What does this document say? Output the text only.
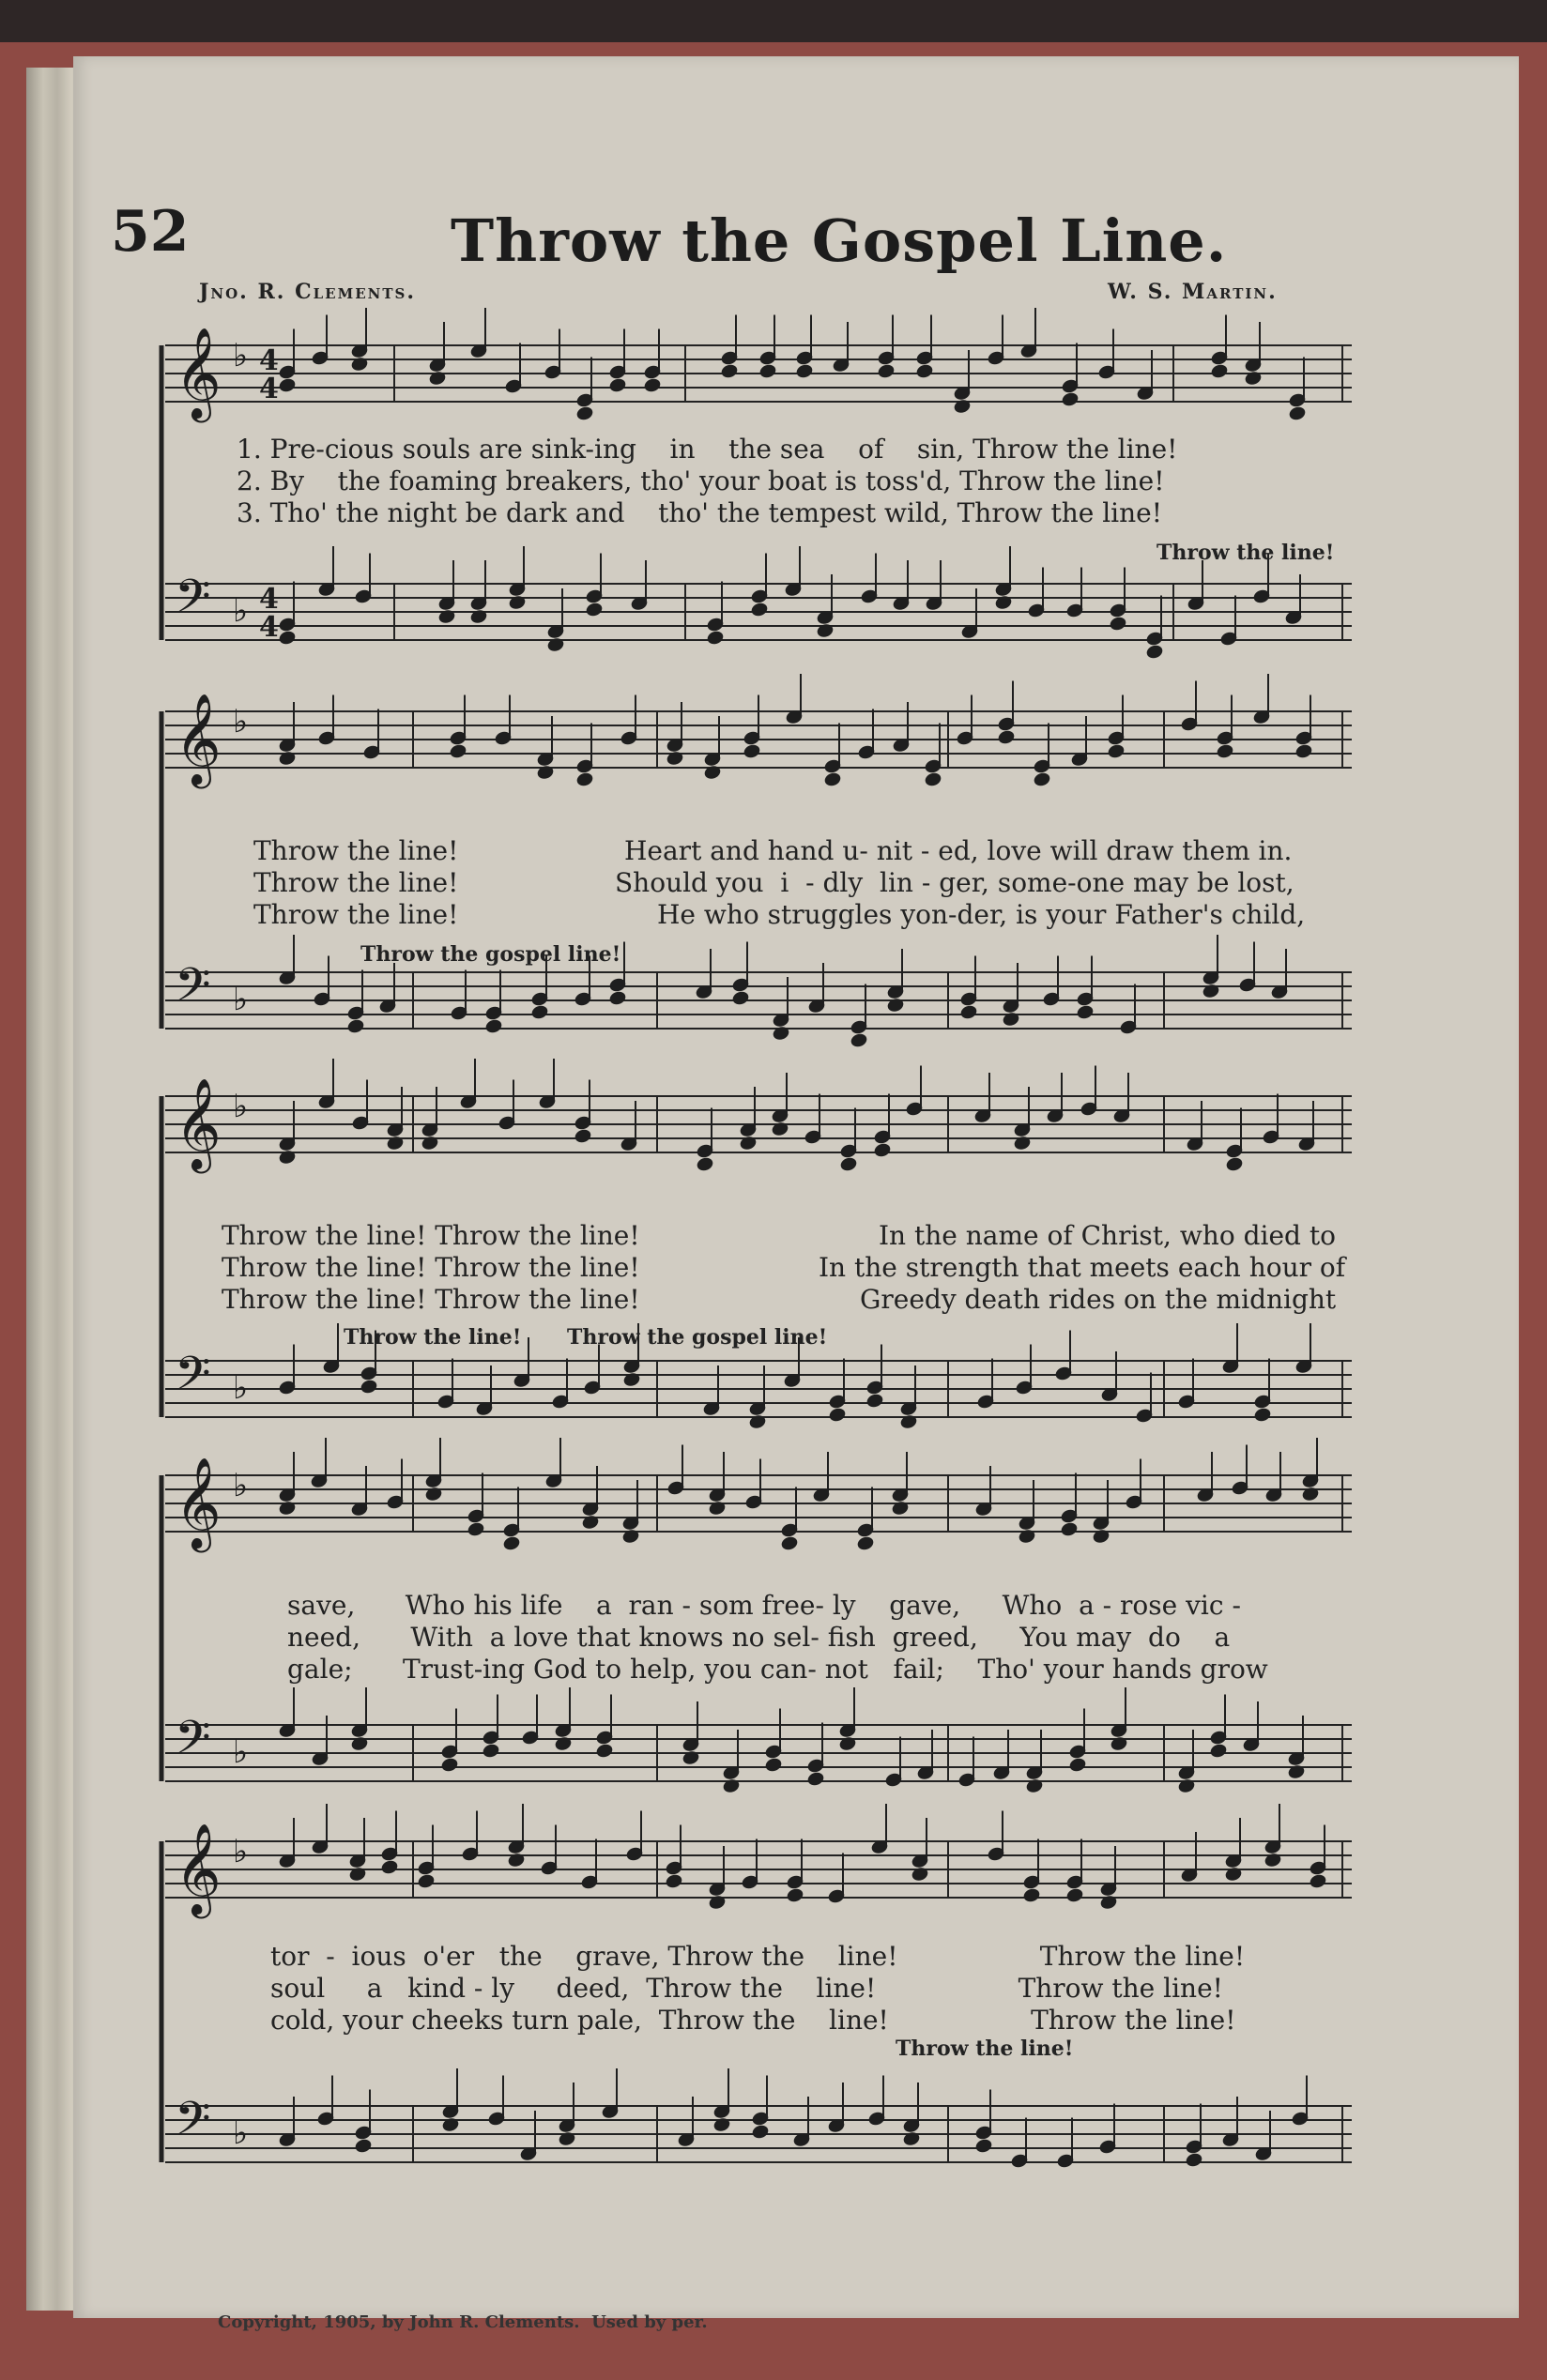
52	Throw the Gospel Line.
Jno. R. Clements.	W. S. Martin.
𝄞 ♭
𝄢 ♭
𝄞 ♭
𝄢 ♭
𝄞 ♭
𝄢 ♭
𝄞 ♭
𝄢 ♭
𝄞 ♭
𝄢 ♭
4
4
4
4
1. Pre-cious souls are sink-ing    in    the sea    of    sin, Throw the line!
2. By    the foaming breakers, tho' your boat is toss'd, Throw the line!
3. Tho' the night be dark and    tho' the tempest wild, Throw the line!
Throw the line!
Throw the line!
Throw the line!
Throw the line!
Heart and hand u- nit - ed, love will draw them in.
Should you  i  - dly  lin - ger, some-one may be lost,
He who struggles yon-der, is your Father's child,
Throw the gospel line!
Throw the line! Throw the line!
Throw the line! Throw the line!
Throw the line! Throw the line!
In the name of Christ, who died to
In the strength that meets each hour of
Greedy death rides on the midnight
Throw the line! Throw the gospel line!
save,      Who his life    a  ran - som free- ly    gave,     Who  a - rose vic -
need,      With  a love that knows no sel- fish  greed,     You may  do    a
gale;      Trust-ing God to help, you can- not   fail;    Tho' your hands grow
tor  -  ious  o'er   the    grave, Throw the    line!                 Throw the line!
soul     a   kind - ly     deed,  Throw the    line!                 Throw the line!
cold, your cheeks turn pale,  Throw the    line!                 Throw the line!
Throw the line!
Copyright, 1905, by John R. Clements.  Used by per.
